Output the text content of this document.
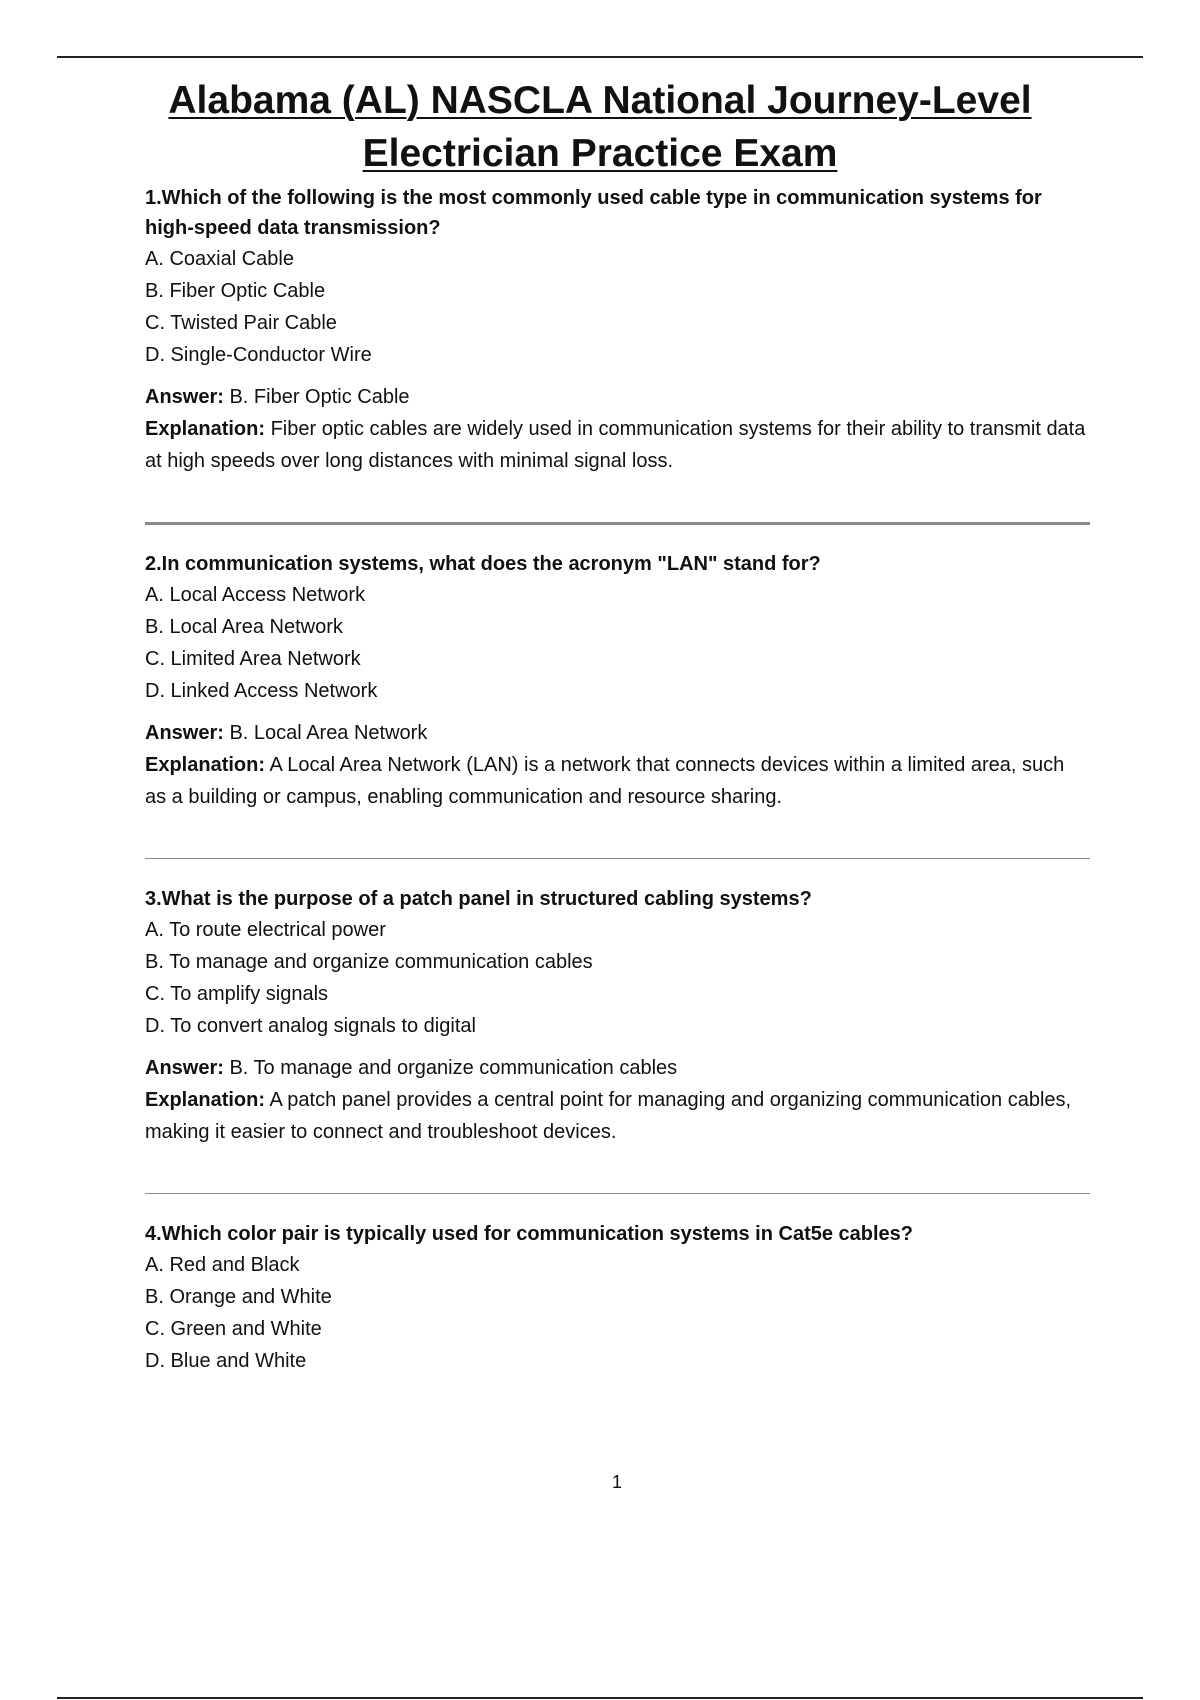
Alabama (AL) NASCLA National Journey-Level Electrician Practice Exam

1.Which of the following is the most commonly used cable type in communication systems for high-speed data transmission?

A. Coaxial Cable

B. Fiber Optic Cable

C. Twisted Pair Cable

D. Single-Conductor Wire

Answer: B. Fiber Optic Cable

Explanation: Fiber optic cables are widely used in communication systems for their ability to transmit data at high speeds over long distances with minimal signal loss.

2.In communication systems, what does the acronym "LAN" stand for?

A. Local Access Network

B. Local Area Network

C. Limited Area Network

D. Linked Access Network

Answer: B. Local Area Network

Explanation: A Local Area Network (LAN) is a network that connects devices within a limited area, such as a building or campus, enabling communication and resource sharing.

3.What is the purpose of a patch panel in structured cabling systems?

A. To route electrical power

B. To manage and organize communication cables

C. To amplify signals

D. To convert analog signals to digital

Answer: B. To manage and organize communication cables

Explanation: A patch panel provides a central point for managing and organizing communication cables, making it easier to connect and troubleshoot devices.

4.Which color pair is typically used for communication systems in Cat5e cables?

A. Red and Black

B. Orange and White

C. Green and White

D. Blue and White

1
